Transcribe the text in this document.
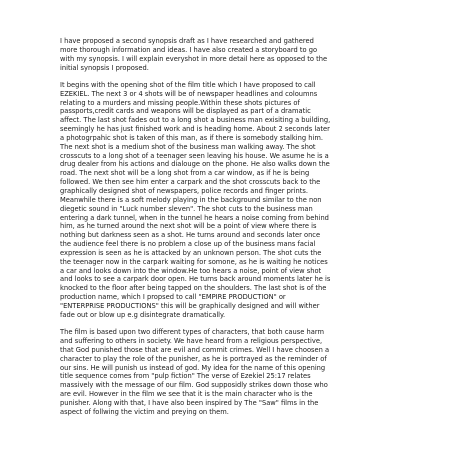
I have proposed a second synopsis draft as I have researched and gathered
more thorough information and ideas. I have also created a storyboard to go
with my synopsis. I will explain everyshot in more detail here as opposed to the
initial synopsis I proposed.

It begins with the opening shot of the film title which I have proposed to call
EZEKIEL. The next 3 or 4 shots will be of newspaper headlines and coloumns
relating to a murders and missing people.Within these shots pictures of
passports,credit cards and weapons will be displayed as part of a dramatic
affect. The last shot fades out to a long shot a business man exisiting a building,
seemingly he has just finished work and is heading home. About 2 seconds later
a photogrpahic shot is taken of this man, as if there is somebody stalking him.
The next shot is a medium shot of the business man walking away. The shot
crosscuts to a long shot of a teenager seen leaving his house. We asume he is a
drug dealer from his actions and dialouge on the phone. He also walks down the
road. The next shot will be a long shot from a car window, as if he is being
followed. We then see him enter a carpark and the shot crosscuts back to the
graphically designed shot of newspapers, police records and finger prints.
Meanwhile there is a soft melody playing in the background similar to the non
diegetic sound in "Luck number sleven". The shot cuts to the business man
entering a dark tunnel, when in the tunnel he hears a noise coming from behind
him, as he turned around the next shot will be a point of view where there is
nothing but darkness seen as a shot. He turns around and seconds later once
the audience feel there is no problem a close up of the business mans facial
expression is seen as he is attacked by an unknown person. The shot cuts the
the teenager now in the carpark waiting for somone, as he is waiting he notices
a car and looks down into the window.He too hears a noise, point of view shot
and looks to see a carpark door open. He turns back around moments later he is
knocked to the floor after being tapped on the shoulders. The last shot is of the
production name, which I propsed to call "EMPIRE PRODUCTION" or
"ENTERPRISE PRODUCTIONS" this will be graphically designed and will wither
fade out or blow up e.g disintegrate dramatically.

The film is based upon two different types of characters, that both cause harm
and suffering to others in society. We have heard from a religious perspective,
that God punished those that are evil and commit crimes. Well I have choosen a
character to play the role of the punisher, as he is portrayed as the reminder of
our sins. He will punish us instead of god. My idea for the name of this opening
title sequence comes from "pulp fiction" The verse of Ezekiel 25:17 relates
massively with the message of our film. God supposidly strikes down those who
are evil. However in the film we see that it is the main character who is the
punisher. Along with that, I have also been inspired by The "Saw" films in the
aspect of follwing the victim and preying on them.
